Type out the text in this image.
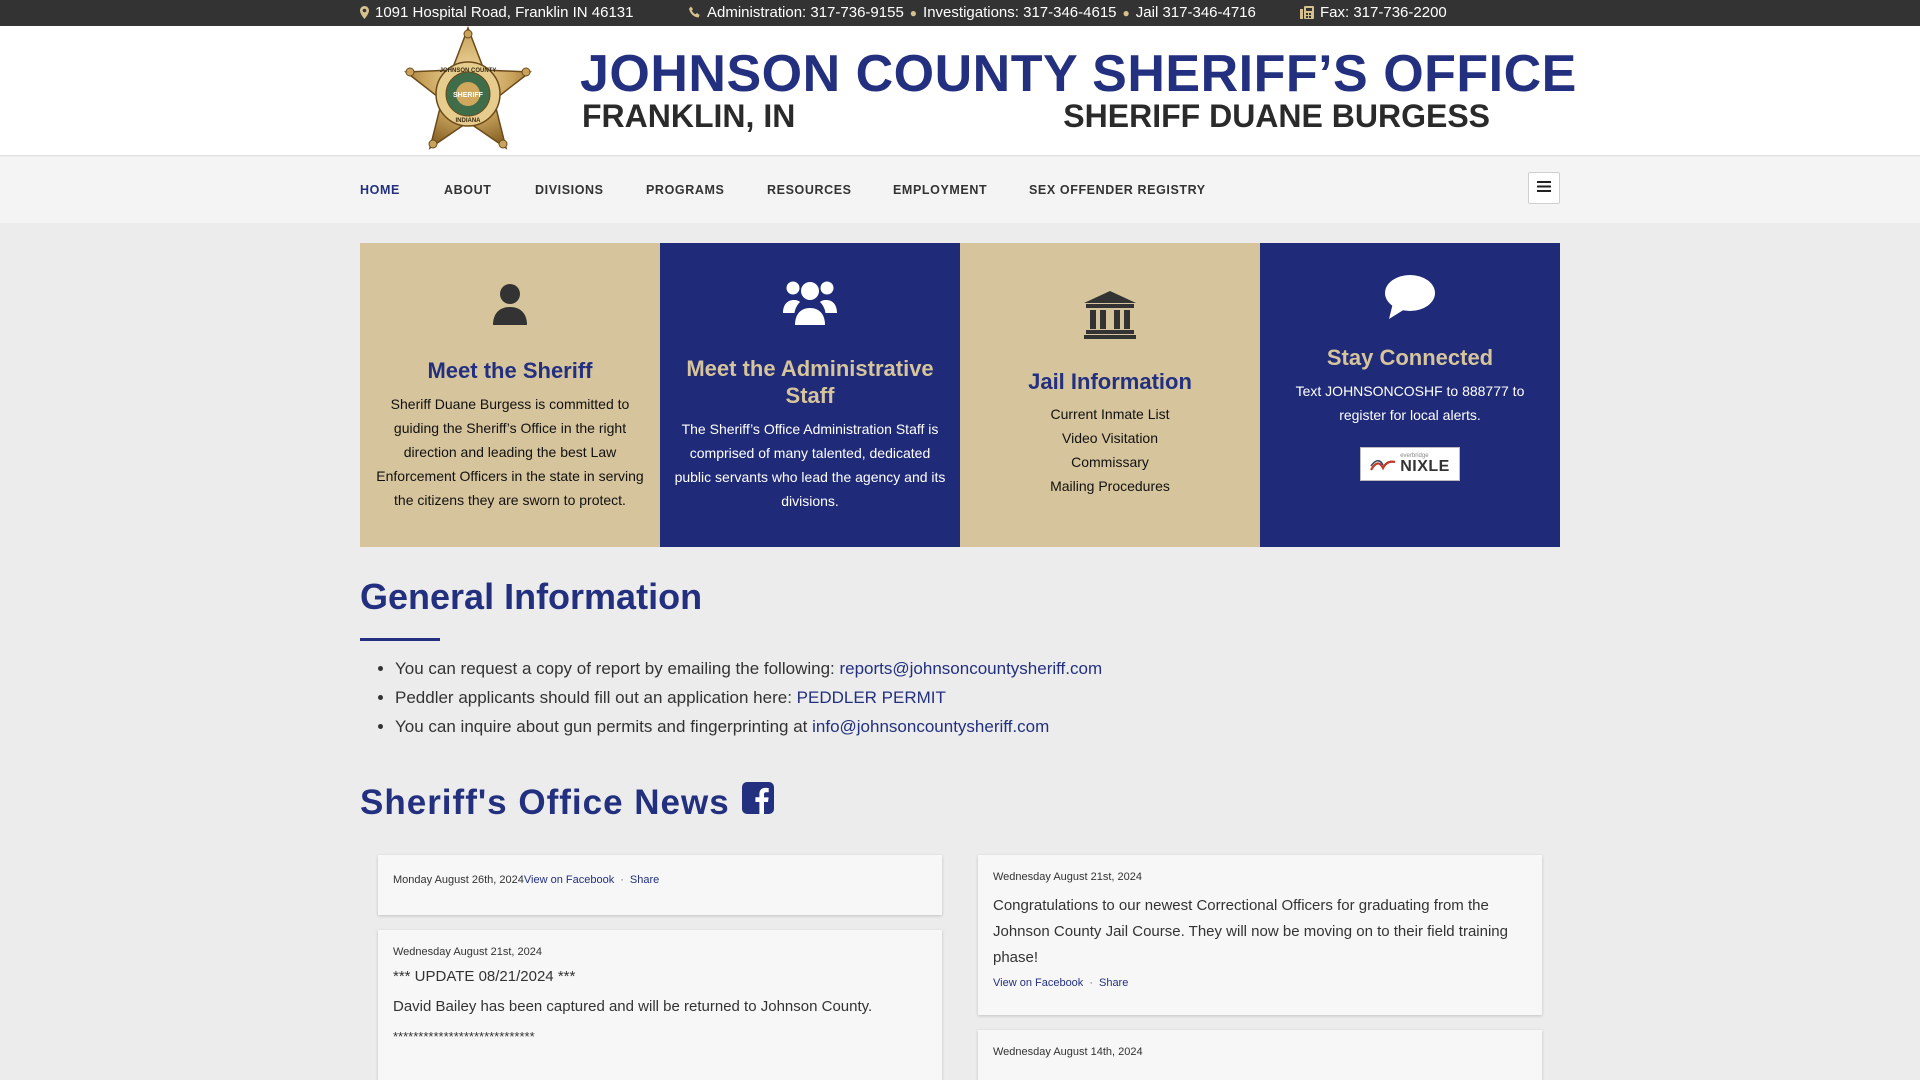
1091 Hospital Road, Franklin IN 46131	Administration: 317-736-9155 ● Investigations: 317-346-4615 ● Jail 317-346-4716	Fax: 317-736-2200
JOHNSON COUNTY
SHERIFF
INDIANA
JOHNSON COUNTY SHERIFF’S OFFICE
FRANKLIN, IN	SHERIFF DUANE BURGESS
HOME	ABOUT	DIVISIONS	PROGRAMS	RESOURCES	EMPLOYMENT	SEX OFFENDER REGISTRY
Meet the Sheriff

Sheriff Duane Burgess is committed to guiding the Sheriff’s Office in the right direction and leading the best Law Enforcement Officers in the state in serving the citizens they are sworn to protect.

Meet the Administrative Staff

The Sheriff’s Office Administration Staff is comprised of many talented, dedicated public servants who lead the agency and its divisions.

Jail Information
Current Inmate List
Video Visitation
Commissary
Mailing Procedures
Stay Connected

Text JOHNSONCOSHF to 888777 to register for local alerts.

everbridge
NIXLE
General Information
• You can request a copy of report by emailing the following: reports@johnsoncountysheriff.com
• Peddler applicants should fill out an application here: PEDDLER PERMIT
• You can inquire about gun permits and fingerprinting at info@johnsoncountysheriff.com
Sheriff's Office News
Monday August 26th, 2024 View on Facebook · Share
Wednesday August 21st, 2024
*** UPDATE 08/21/2024 ***
David Bailey has been captured and will be returned to Johnson County.
****************************
Wednesday August 21st, 2024
Congratulations to our newest Correctional Officers for graduating from the Johnson County Jail Course. They will now be moving on to their field training phase!
View on Facebook · Share
Wednesday August 14th, 2024
